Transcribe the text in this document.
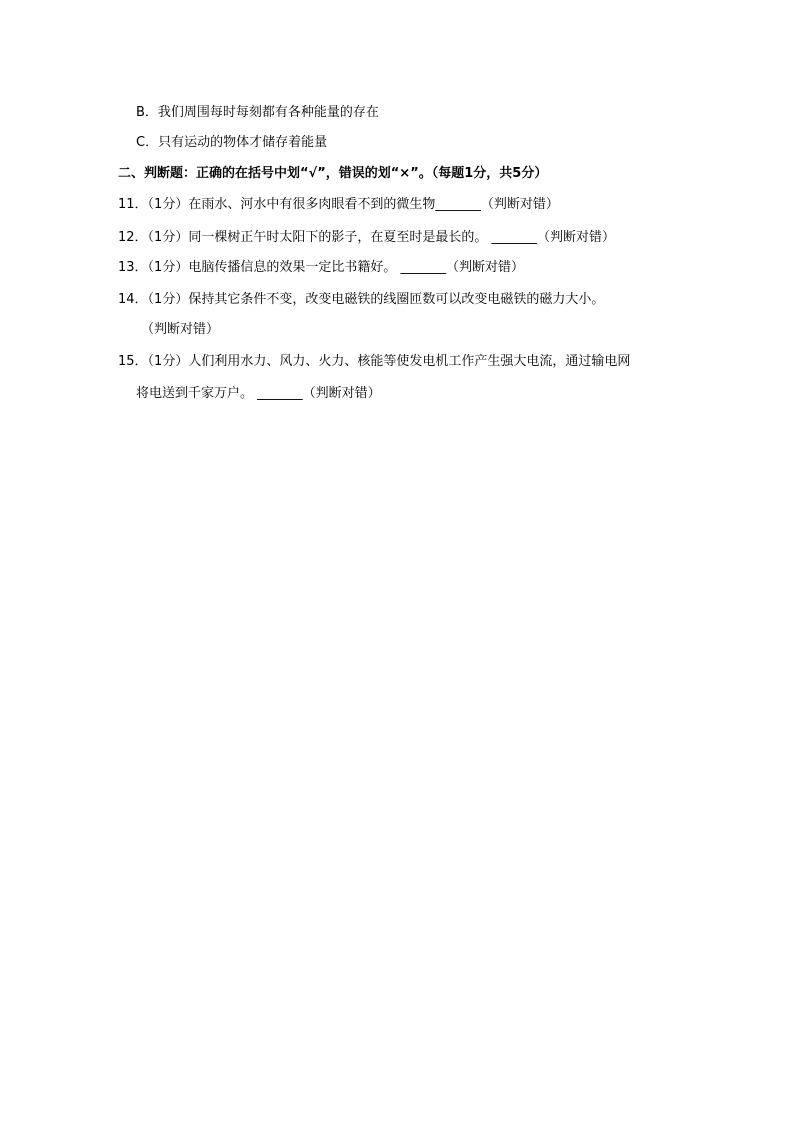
B．我们周围每时每刻都有各种能量的存在
C．只有运动的物体才储存着能量
二、判断题：正确的在括号中划“√”，错误的划“×”。（每题1分，共5分）
11．（1分）在雨水、河水中有很多肉眼看不到的微生物_______（判断对错）
12．（1分）同一棵树正午时太阳下的影子，在夏至时是最长的。 _______（判断对错）
13．（1分）电脑传播信息的效果一定比书籍好。 _______（判断对错）
14．（1分）保持其它条件不变，改变电磁铁的线圈匝数可以改变电磁铁的磁力大小。
（判断对错）
15．（1分）人们利用水力、风力、火力、核能等使发电机工作产生强大电流，通过输电网
将电送到千家万户。 _______（判断对错）
